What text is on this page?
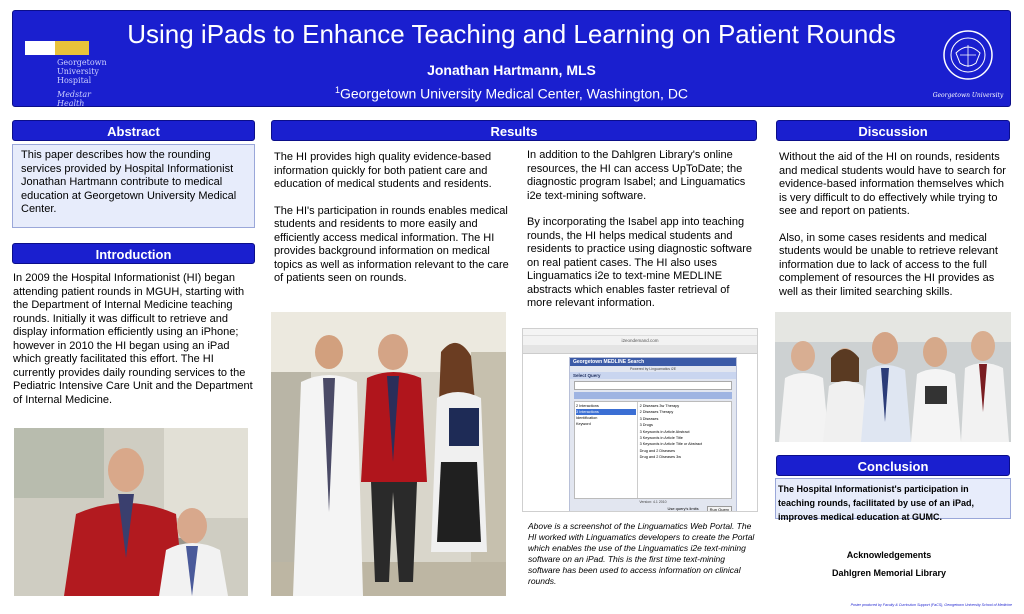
Georgetown
University
Hospital
Medstar Health
Using iPads to Enhance Teaching and Learning on Patient Rounds
Jonathan Hartmann, MLS
$^1$Georgetown University Medical Center, Washington, DC	Georgetown University
Abstract
This paper describes how the rounding services provided by Hospital Informationist Jonathan Hartmann contribute to medical education at Georgetown University Medical Center.
Introduction
In 2009 the Hospital Informationist (HI) began attending patient rounds in MGUH, starting with the Department of Internal Medicine teaching rounds. Initially it was difficult to retrieve and display information efficiently using an iPhone; however in 2010 the HI began using an iPad which greatly facilitated this effort. The HI currently provides daily rounding services to the Pediatric Intensive Care Unit and the Department of Internal Medicine.
Results
The HI provides high quality evidence-based information quickly for both patient care and education of medical students and residents.
The HI's participation in rounds enables medical students and residents to more easily and efficiently access medical information. The HI provides background information on medical topics as well as information relevant to the care of patients seen on rounds.
In addition to the Dahlgren Library's online resources, the HI can access UpToDate; the diagnostic program Isabel; and Linguamatics i2e text-mining software.
By incorporating the Isabel app into teaching rounds, the HI helps medical students and residents to practice using diagnostic software on real patient cases. The HI also uses Linguamatics i2e to text-mine MEDLINE abstracts which enables faster retrieval of more relevant information.
i2eondemand.com
Georgetown MEDLINE Search
Powered by Linguamatics i2E
Select Query
2 Interactions
3 Interactions
Identification
Keyword
2 Diseases 3w Therapy
2 Diseases Therapy
3 Diseases
3 Drugs
3 Keywords in Article Abstract
3 Keywords in Article Title
3 Keywords in Article Title or Abstract
Drug and 2 Diseases
Drug and 2 Diseases 3w
Version: 4.1 2010
Use query's limits	Run Query
Above is a screenshot of the Linguamatics Web Portal. The HI worked with Linguamatics developers to create the Portal which enables the use of the Linguamatics i2e text-mining software on an iPad. This is the first time text-mining software has been used to access information on clinical rounds.
Discussion
Without the aid of the HI on rounds, residents and medical students would have to search for evidence-based information themselves which is very difficult to do effectively while trying to see and report on patients.
Also, in some cases residents and medical students would be unable to retrieve relevant information due to lack of access to the full complement of resources the HI provides as well as their limited searching skills.
Conclusion
The Hospital Informationist's participation in teaching rounds, facilitated by use of an iPad, improves medical education at GUMC.
Acknowledgements
Dahlgren Memorial Library
Poster produced by Faculty & Curriculum Support (FaCS), Georgetown University School of Medicine
